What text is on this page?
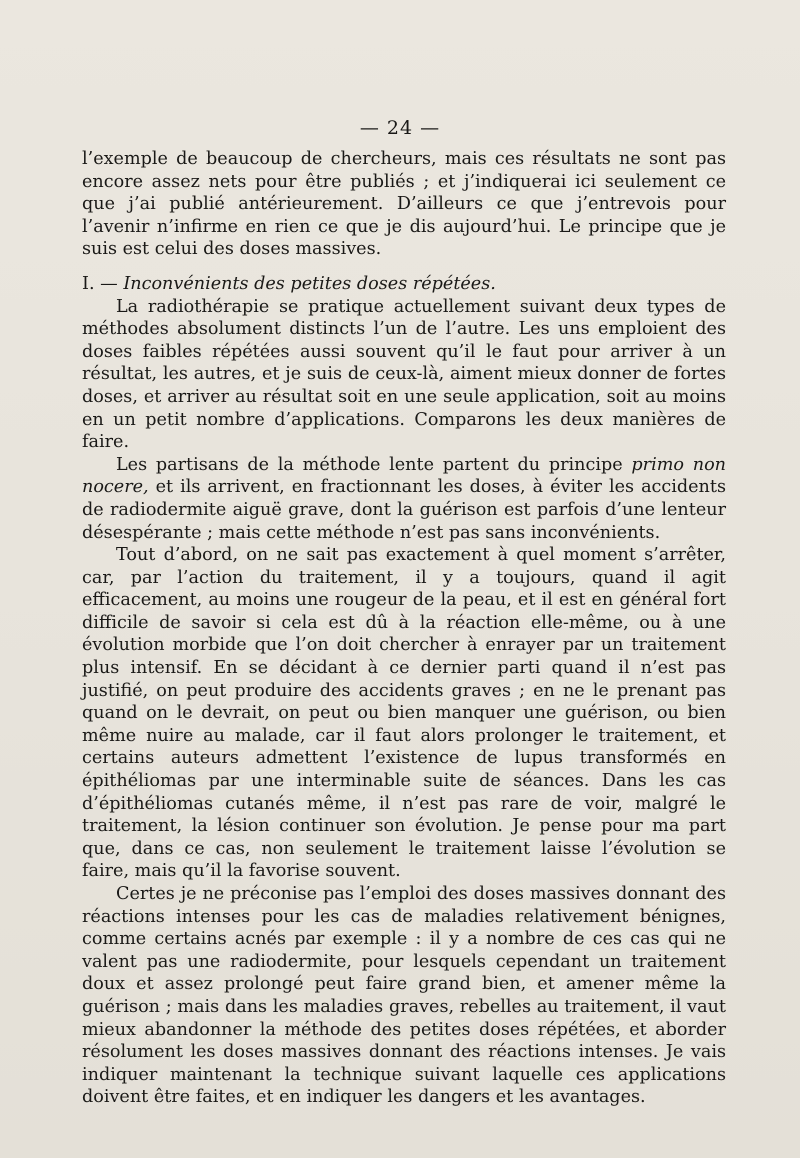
— 24 —

l’exemple de beaucoup de chercheurs, mais ces résultats ne sont pas encore assez nets pour être publiés ; et j’indiquerai ici seulement ce que j’ai publié antérieurement. D’ailleurs ce que j’entrevois pour l’avenir n’infirme en rien ce que je dis aujourd’hui. Le principe que je suis est celui des doses massives.

I. — Inconvénients des petites doses répétées.

La radiothérapie se pratique actuellement suivant deux types de méthodes absolument distincts l’un de l’autre. Les uns emploient des doses faibles répétées aussi souvent qu’il le faut pour arriver à un résultat, les autres, et je suis de ceux-là, aiment mieux donner de fortes doses, et arriver au résultat soit en une seule application, soit au moins en un petit nombre d’applications. Comparons les deux manières de faire.

Les partisans de la méthode lente partent du principe primo non nocere, et ils arrivent, en fractionnant les doses, à éviter les accidents de radiodermite aiguë grave, dont la guérison est parfois d’une lenteur désespérante ; mais cette méthode n’est pas sans inconvénients.

Tout d’abord, on ne sait pas exactement à quel moment s’arrêter, car, par l’action du traitement, il y a toujours, quand il agit efficacement, au moins une rougeur de la peau, et il est en général fort difficile de savoir si cela est dû à la réaction elle-même, ou à une évolution morbide que l’on doit chercher à enrayer par un traitement plus intensif. En se décidant à ce dernier parti quand il n’est pas justifié, on peut produire des accidents graves ; en ne le prenant pas quand on le devrait, on peut ou bien manquer une guérison, ou bien même nuire au malade, car il faut alors prolonger le traitement, et certains auteurs admettent l’existence de lupus transformés en épithéliomas par une interminable suite de séances. Dans les cas d’épithéliomas cutanés même, il n’est pas rare de voir, malgré le traitement, la lésion continuer son évolution. Je pense pour ma part que, dans ce cas, non seulement le traitement laisse l’évolution se faire, mais qu’il la favorise souvent.

Certes je ne préconise pas l’emploi des doses massives donnant des réactions intenses pour les cas de maladies relativement bénignes, comme certains acnés par exemple : il y a nombre de ces cas qui ne valent pas une radiodermite, pour lesquels cependant un traitement doux et assez prolongé peut faire grand bien, et amener même la guérison ; mais dans les maladies graves, rebelles au traitement, il vaut mieux abandonner la méthode des petites doses répétées, et aborder résolument les doses massives donnant des réactions intenses. Je vais indiquer maintenant la technique suivant laquelle ces applications doivent être faites, et en indiquer les dangers et les avantages.
